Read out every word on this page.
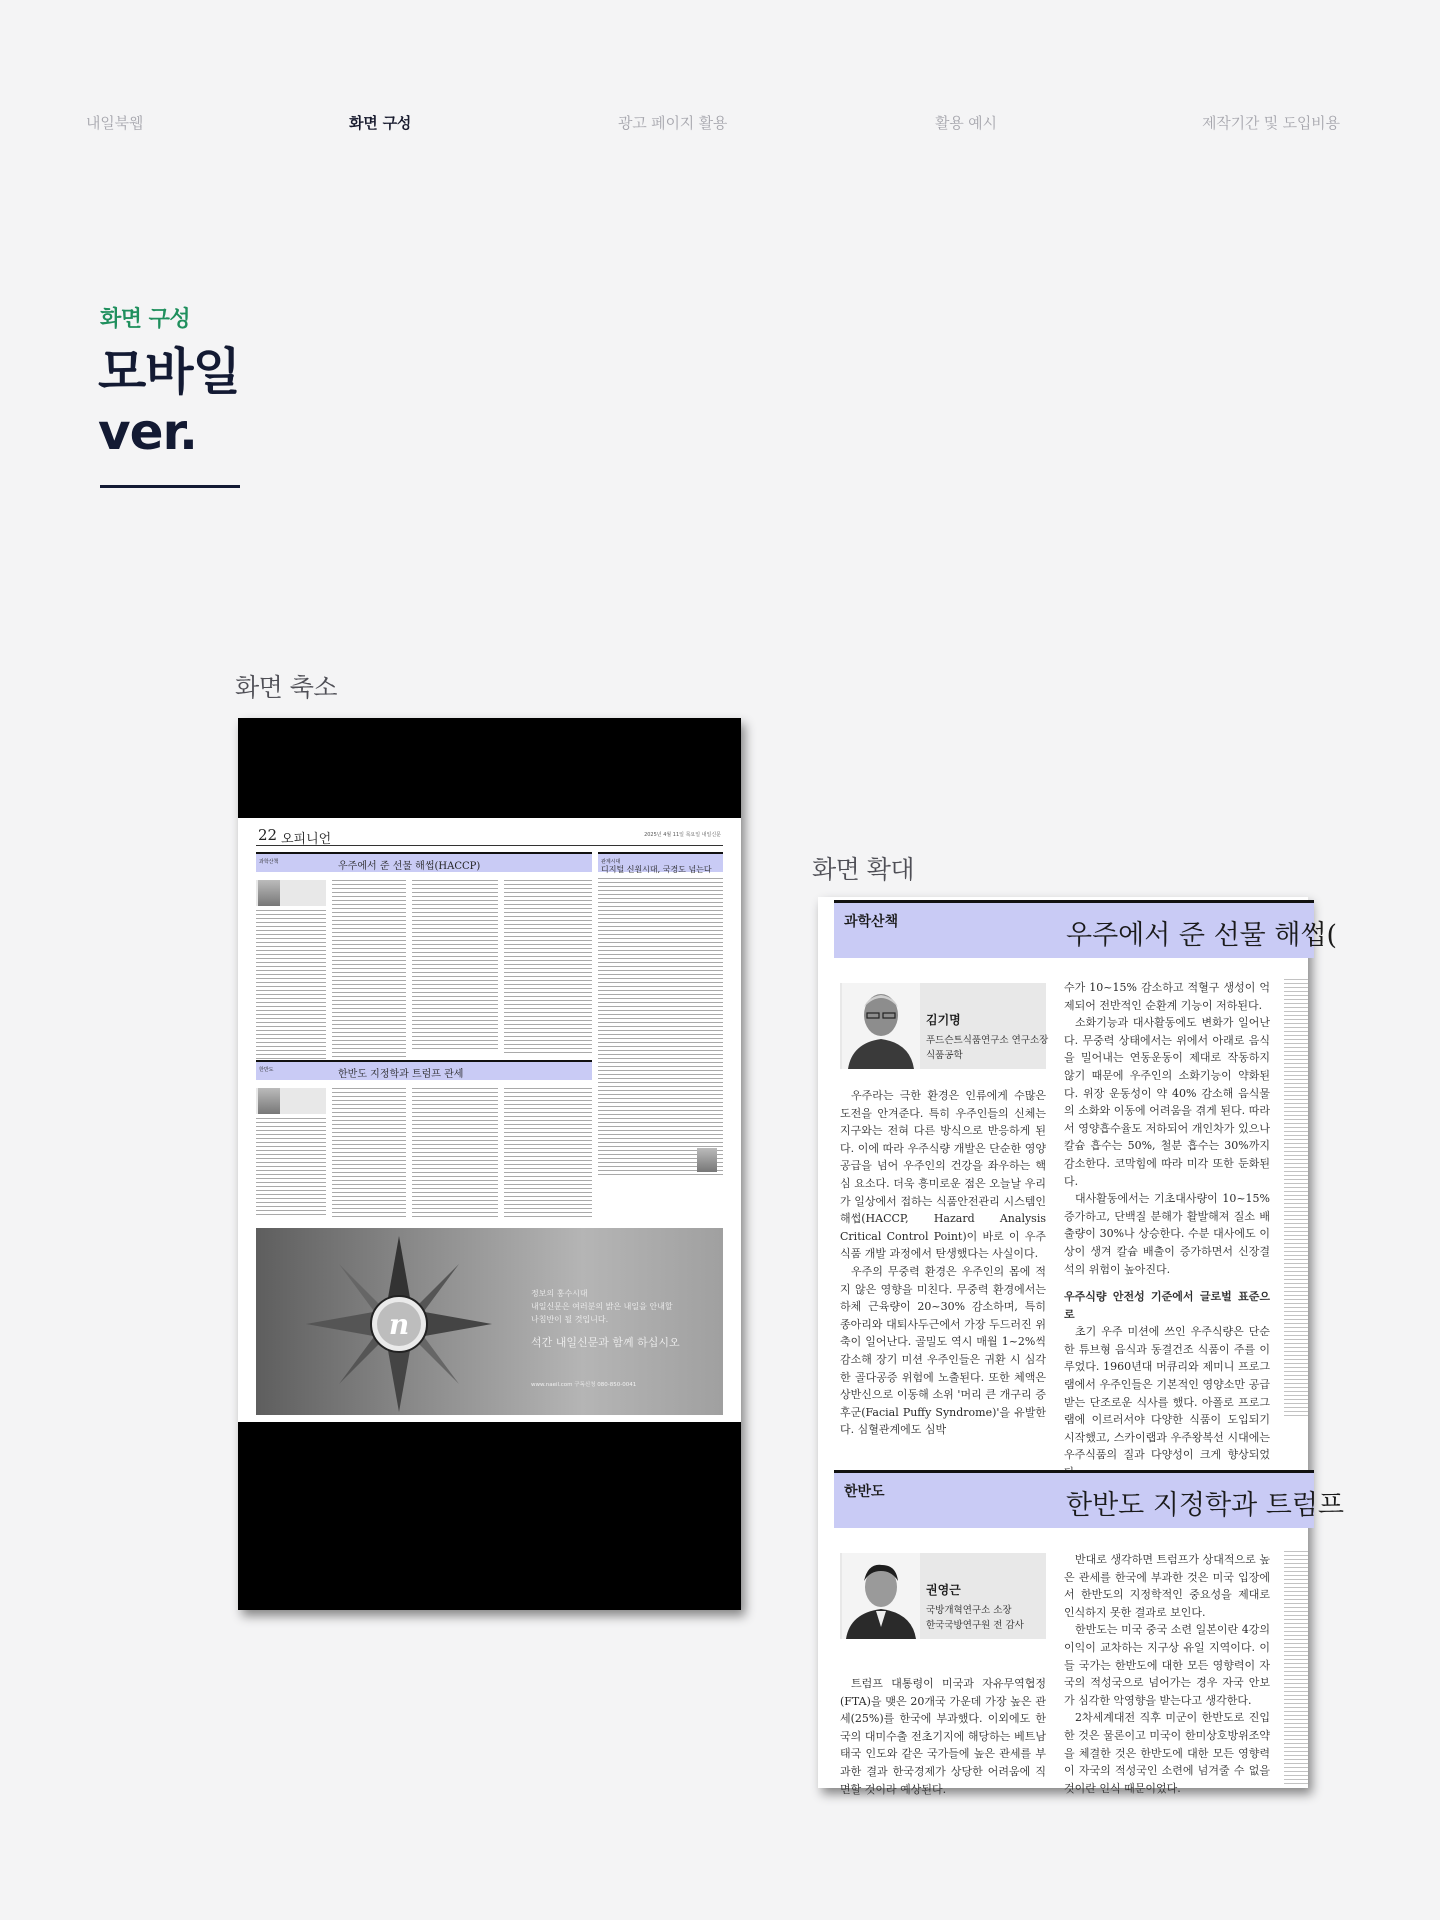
내일북웹	화면 구성	광고 페이지 활용	활용 예시	제작기간 및 도입비용
화면 구성
모바일
ver.
화면 축소
22 오피니언	2025년 4월 11일 목요일 내일신문
과학산책	우주에서 준 선물 해썹(HACCP)	관계시대
디지털 신원시대, 국경도 넘는다
한반도	한반도 지정학과 트럼프 관세
n
정보의 홍수시대
내일신문은 여러분의 밝은 내일을 안내할
나침반이 될 것입니다.
석간 내일신문과 함께 하십시오
www.naeil.com 구독신청 080-850-0041
화면 확대
과학산책	우주에서 준 선물 해썹(
김기명
푸드슨트식품연구소 연구소장
식품공학

우주라는 극한 환경은 인류에게 수많은 도전을 안겨준다. 특히 우주인들의 신체는 지구와는 전혀 다른 방식으로 반응하게 된다. 이에 따라 우주식량 개발은 단순한 영양 공급을 넘어 우주인의 건강을 좌우하는 핵심 요소다. 더욱 흥미로운 점은 오늘날 우리가 일상에서 접하는 식품안전관리 시스템인 해썹(HACCP, Hazard Analysis Critical Control Point)이 바로 이 우주식품 개발 과정에서 탄생했다는 사실이다.

우주의 무중력 환경은 우주인의 몸에 적지 않은 영향을 미친다. 무중력 환경에서는 하체 근육량이 20~30% 감소하며, 특히 종아리와 대퇴사두근에서 가장 두드러진 위축이 일어난다. 골밀도 역시 매월 1~2%씩 감소해 장기 미션 우주인들은 귀환 시 심각한 골다공증 위험에 노출된다. 또한 체액은 상반신으로 이동해 소위 '머리 큰 개구리 증후군(Facial Puffy Syndrome)'을 유발한다. 심혈관계에도 심박

수가 10~15% 감소하고 적혈구 생성이 억제되어 전반적인 순환계 기능이 저하된다.

소화기능과 대사활동에도 변화가 일어난다. 무중력 상태에서는 위에서 아래로 음식을 밀어내는 연동운동이 제대로 작동하지 않기 때문에 우주인의 소화기능이 약화된다. 위장 운동성이 약 40% 감소해 음식물의 소화와 이동에 어려움을 겪게 된다. 따라서 영양흡수율도 저하되어 개인차가 있으나 칼슘 흡수는 50%, 철분 흡수는 30%까지 감소한다. 코막힘에 따라 미각 또한 둔화된다.

대사활동에서는 기초대사량이 10~15% 증가하고, 단백질 분해가 활발해져 질소 배출량이 30%나 상승한다. 수분 대사에도 이상이 생겨 칼슘 배출이 증가하면서 신장결석의 위험이 높아진다.

우주식량 안전성 기준에서 글로벌 표준으로

초기 우주 미션에 쓰인 우주식량은 단순한 튜브형 음식과 동결건조 식품이 주를 이루었다. 1960년대 머큐리와 제미니 프로그램에서 우주인들은 기본적인 영양소만 공급받는 단조로운 식사를 했다. 아폴로 프로그램에 이르러서야 다양한 식품이 도입되기 시작했고, 스카이랩과 우주왕복선 시대에는 우주식품의 질과 다양성이 크게 향상되었

한반도	한반도 지정학과 트럼프
권영근
국방개혁연구소 소장
한국국방연구원 전 감사

트럼프 대통령이 미국과 자유무역협정(FTA)을 맺은 20개국 가운데 가장 높은 관세(25%)를 한국에 부과했다. 이외에도 한국의 대미수출 전초기지에 해당하는 베트남 태국 인도와 같은 국가들에 높은 관세를 부과한 결과 한국경제가 상당한 어려움에 직면할 것이라 예상된다.

반대로 생각하면 트럼프가 상대적으로 높은 관세를 한국에 부과한 것은 미국 입장에서 한반도의 지정학적인 중요성을 제대로 인식하지 못한 결과로 보인다.

한반도는 미국 중국 소련 일본이란 4강의 이익이 교차하는 지구상 유일 지역이다. 이들 국가는 한반도에 대한 모든 영향력이 자국의 적성국으로 넘어가는 경우 자국 안보가 심각한 악영향을 받는다고 생각한다.

2차세계대전 직후 미군이 한반도로 진입한 것은 물론이고 미국이 한미상호방위조약을 체결한 것은 한반도에 대한 모든 영향력이 자국의 적성국인 소련에 넘겨줄 수 없을 것이란 인식 때문이었다.
